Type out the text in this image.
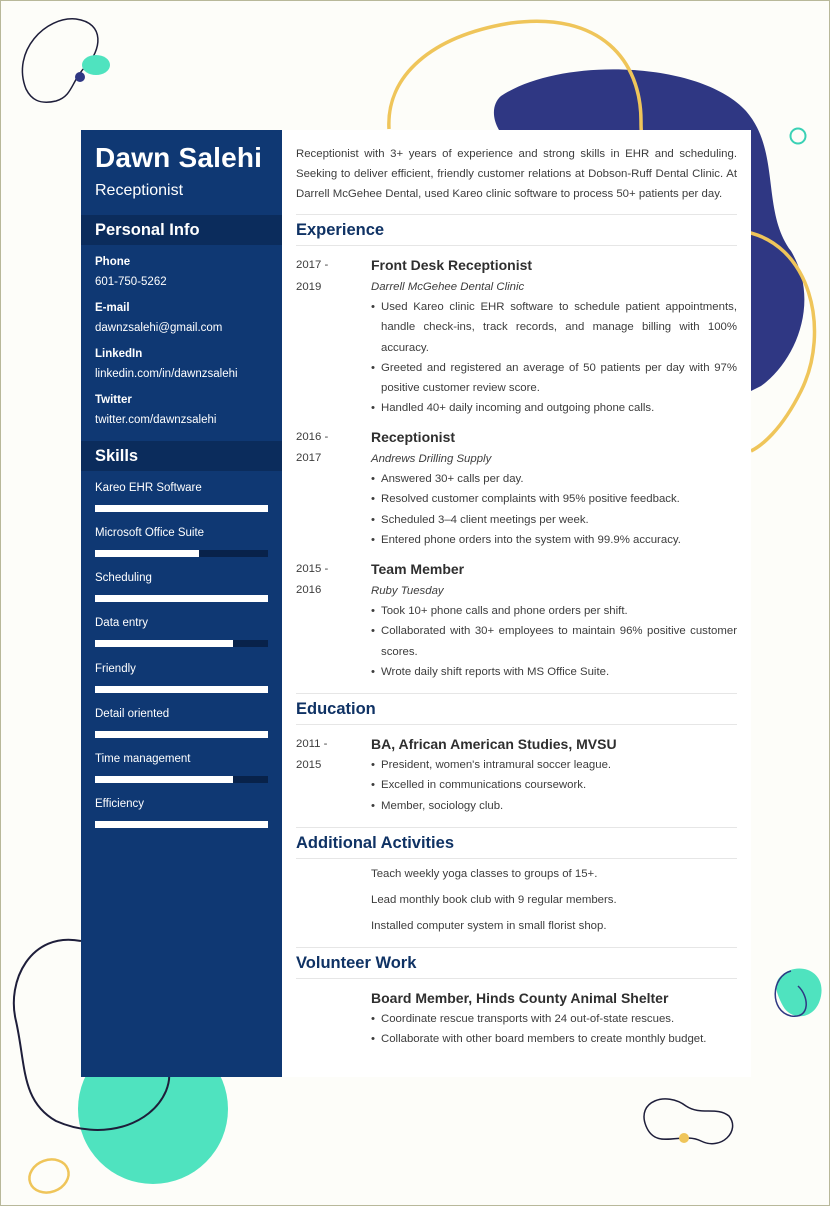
Dawn Salehi
Receptionist
Personal Info
Phone
601-750-5262
E-mail
dawnzsalehi@gmail.com
LinkedIn
linkedin.com/in/dawnzsalehi
Twitter
twitter.com/dawnzsalehi
Skills
Kareo EHR Software
Microsoft Office Suite
Scheduling
Data entry
Friendly
Detail oriented
Time management
Efficiency
Receptionist with 3+ years of experience and strong skills in EHR and scheduling. Seeking to deliver efficient, friendly customer relations at Dobson-Ruff Dental Clinic. At Darrell McGehee Dental, used Kareo clinic software to process 50+ patients per day.
Experience
2017 -
2019
Front Desk Receptionist
Darrell McGehee Dental Clinic
• Used Kareo clinic EHR software to schedule patient appointments, handle check-ins, track records, and manage billing with 100% accuracy.
• Greeted and registered an average of 50 patients per day with 97% positive customer review score.
• Handled 40+ daily incoming and outgoing phone calls.
2016 -
2017
Receptionist
Andrews Drilling Supply
• Answered 30+ calls per day.
• Resolved customer complaints with 95% positive feedback.
• Scheduled 3–4 client meetings per week.
• Entered phone orders into the system with 99.9% accuracy.
2015 -
2016
Team Member
Ruby Tuesday
• Took 10+ phone calls and phone orders per shift.
• Collaborated with 30+ employees to maintain 96% positive customer scores.
• Wrote daily shift reports with MS Office Suite.
Education
2011 -
2015
BA, African American Studies, MVSU
• President, women's intramural soccer league.
• Excelled in communications coursework.
• Member, sociology club.
Additional Activities
Teach weekly yoga classes to groups of 15+.
Lead monthly book club with 9 regular members.
Installed computer system in small florist shop.
Volunteer Work
Board Member, Hinds County Animal Shelter
• Coordinate rescue transports with 24 out-of-state rescues.
• Collaborate with other board members to create monthly budget.
